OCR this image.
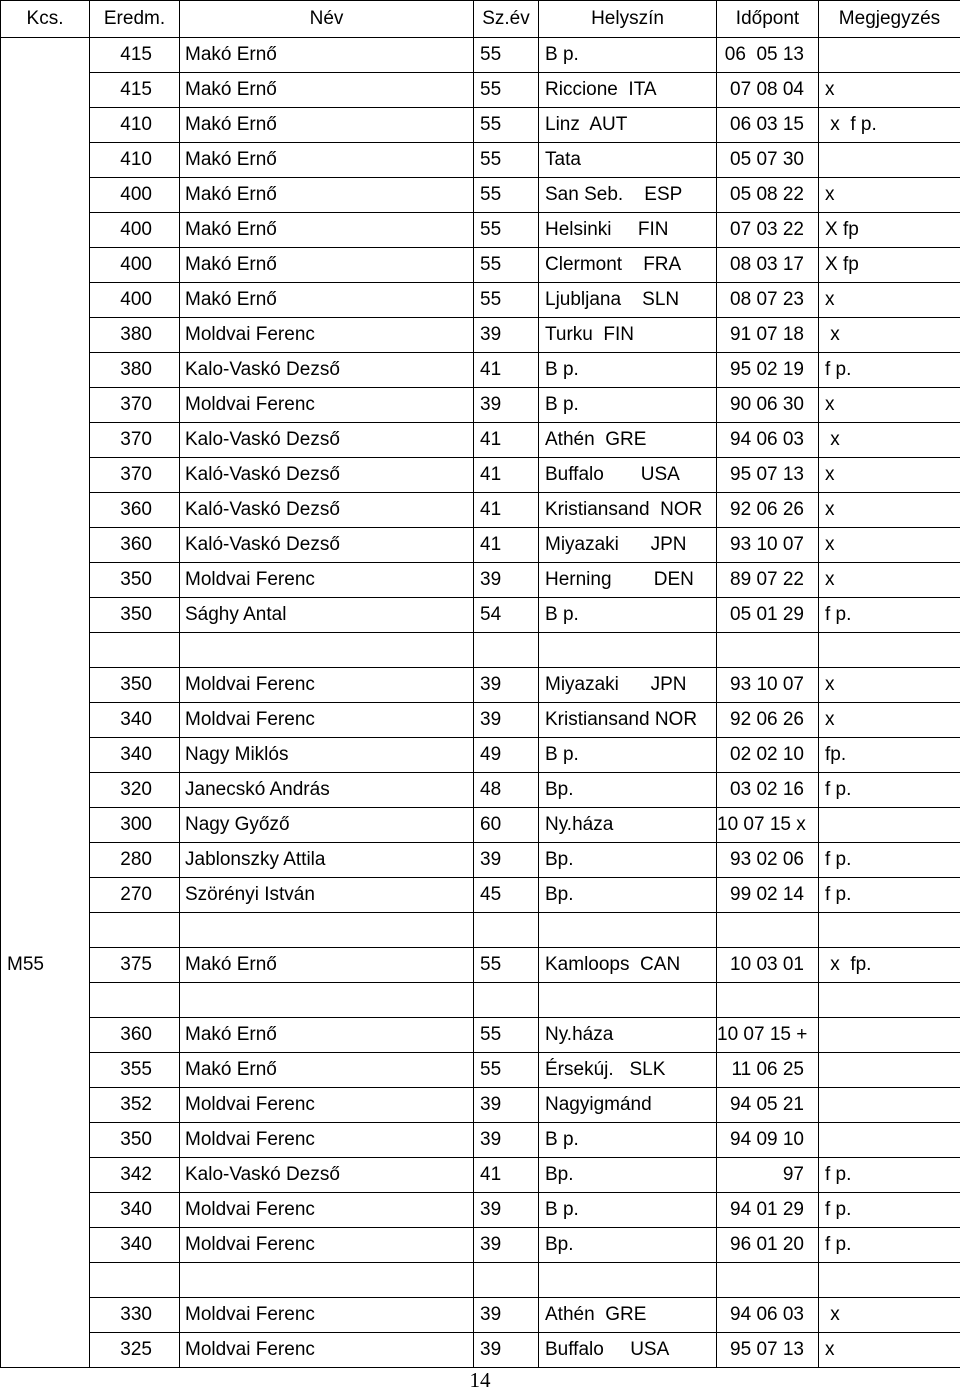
Kcs.	Eredm.	Név	Sz.év	Helyszín	Időpont	Megjegyzés
	415	Makó Ernő	55	B p.	06  05 13	
	415	Makó Ernő	55	Riccione  ITA	07 08 04	x
	410	Makó Ernő	55	Linz  AUT	06 03 15	x  f p.
	410	Makó Ernő	55	Tata	05 07 30	
	400	Makó Ernő	55	San Seb.    ESP	05 08 22	x
	400	Makó Ernő	55	Helsinki     FIN	07 03 22	X fp
	400	Makó Ernő	55	Clermont    FRA	08 03 17	X fp
	400	Makó Ernő	55	Ljubljana    SLN	08 07 23	x
	380	Moldvai Ferenc	39	Turku  FIN	91 07 18	x
	380	Kalo-Vaskó Dezső	41	B p.	95 02 19	f p.
	370	Moldvai Ferenc	39	B p.	90 06 30	x
	370	Kalo-Vaskó Dezső	41	Athén  GRE	94 06 03	x
	370	Kaló-Vaskó Dezső	41	Buffalo       USA	95 07 13	x
	360	Kaló-Vaskó Dezső	41	Kristiansand  NOR	92 06 26	x
	360	Kaló-Vaskó Dezső	41	Miyazaki      JPN	93 10 07	x
	350	Moldvai Ferenc	39	Herning        DEN	89 07 22	x
	350	Sághy Antal	54	B p.	05 01 29	f p.

	350	Moldvai Ferenc	39	Miyazaki      JPN	93 10 07	x
	340	Moldvai Ferenc	39	Kristiansand NOR	92 06 26	x
	340	Nagy Miklós	49	B p.	02 02 10	fp.
	320	Janecskó András	48	Bp.	03 02 16	f p.
	300	Nagy Győző	60	Ny.háza	10 07 15 x	
	280	Jablonszky Attila	39	Bp.	93 02 06	f p.
	270	Szörényi István	45	Bp.	99 02 14	f p.

M55	375	Makó Ernő	55	Kamloops  CAN	10 03 01	x  fp.

	360	Makó Ernő	55	Ny.háza	10 07 15 +	
	355	Makó Ernő	55	Érsekúj.   SLK	11 06 25	
	352	Moldvai Ferenc	39	Nagyigmánd	94 05 21	
	350	Moldvai Ferenc	39	B p.	94 09 10	
	342	Kalo-Vaskó Dezső	41	Bp.	97	f p.
	340	Moldvai Ferenc	39	B p.	94 01 29	f p.
	340	Moldvai Ferenc	39	Bp.	96 01 20	f p.

	330	Moldvai Ferenc	39	Athén  GRE	94 06 03	x
	325	Moldvai Ferenc	39	Buffalo     USA	95 07 13	x
14
